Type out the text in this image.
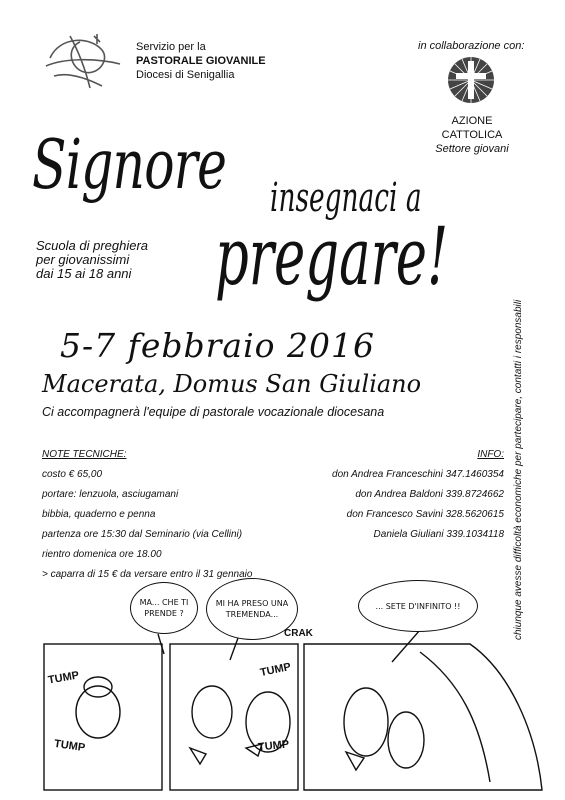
Servizio per la
PASTORALE GIOVANILE
Diocesi di Senigallia
in collaborazione con:
AZIONE CATTOLICA
Settore giovani
Signore insegnaci a
pregare!
Scuola di preghiera
per giovanissimi
dai 15 ai 18 anni
5-7 febbraio 2016
Macerata, Domus San Giuliano
Ci accompagnerà l'equipe di pastorale vocazionale diocesana
NOTE TECNICHE:
costo € 65,00
portare: lenzuola, asciugamani
bibbia, quaderno e penna
partenza ore 15:30 dal Seminario (via Cellini)
rientro domenica ore 18.00
> caparra di 15 € da versare entro il 31 gennaio
INFO:
don Andrea Franceschini 347.1460354
don Andrea Baldoni 339.8724662
don Francesco Savini 328.5620615
Daniela Giuliani 339.1034118 chiunque avesse difficoltà economiche per partecipare, contatti i responsabili
MA... CHE TI PRENDE ?
MI HA PRESO UNA TREMENDA...
... SETE D'INFINITO !!
TUMP
TUMP
TUMP
TUMP
CRAK
